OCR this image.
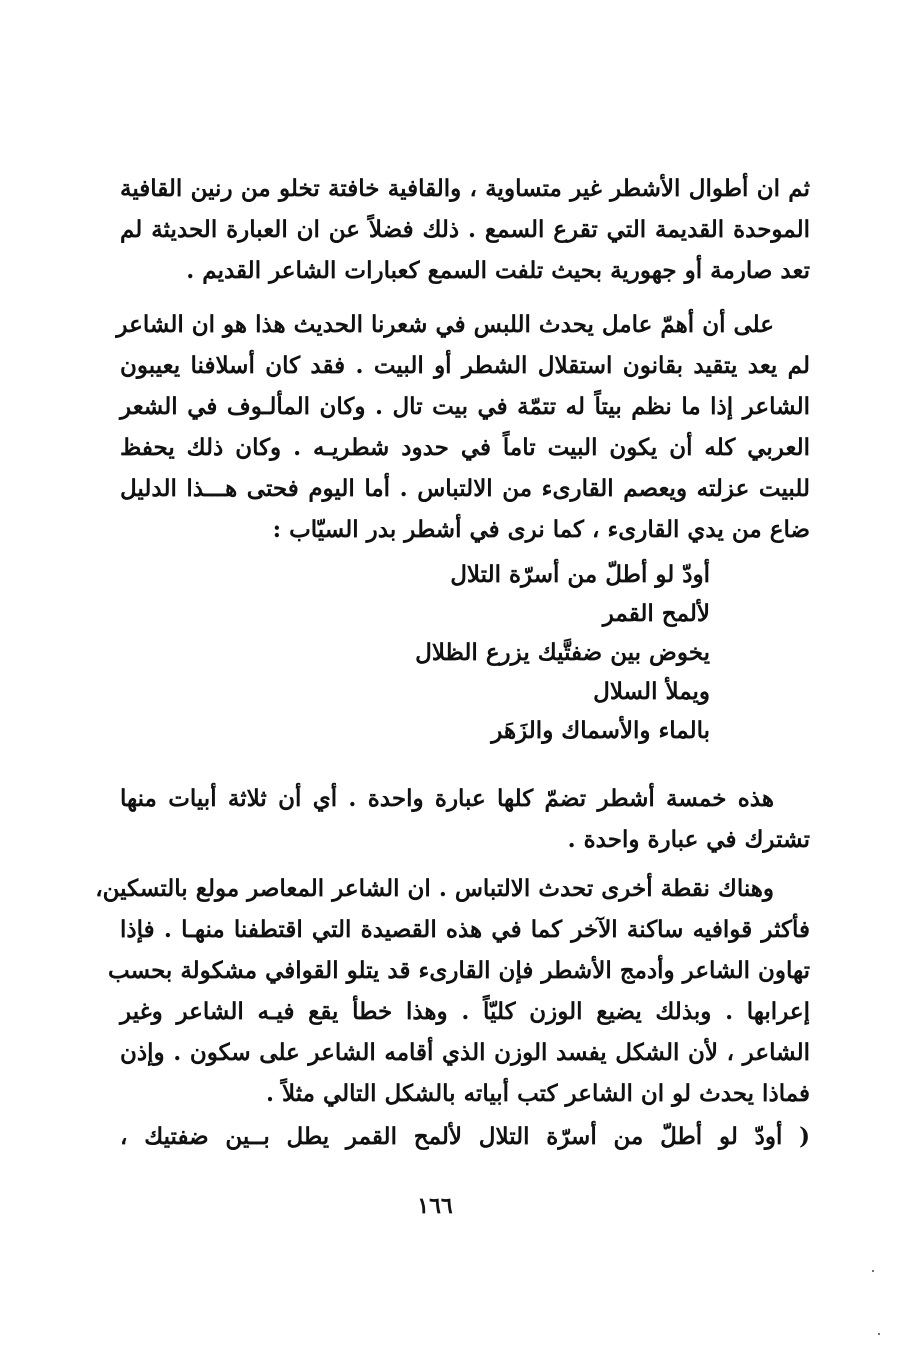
ثم ان أطوال الأشطر غير متساوية ، والقافية خافتة تخلو من رنين القافية
الموحدة القديمة التي تقرع السمع . ذلك فضلاً عن ان العبارة الحديثة لم
تعد صارمة أو جهورية بحيث تلفت السمع كعبارات الشاعر القديم .
على أن أهمّ عامل يحدث اللبس في شعرنا الحديث هذا هو ان الشاعر
لم يعد يتقيد بقانون استقلال الشطر أو البيت . فقد كان أسلافنا يعيبون
الشاعر إذا ما نظم بيتاً له تتمّة في بيت تال . وكان المألـوف في الشعر
العربي كله أن يكون البيت تاماً في حدود شطريـه . وكان ذلك يحفظ
للبيت عزلته ويعصم القارىء من الالتباس . أما اليوم فحتى هـــذا الدليل
ضاع من يدي القارىء ، كما نرى في أشطر بدر السيّاب :
أودّ لو أطلّ من أسرّة التلال
لألمح القمر
يخوض بين ضفتَّيك يزرع الظلال
ويملأ السلال
بالماء والأسماك والزَهَر
هذه خمسة أشطر تضمّ كلها عبارة واحدة . أي أن ثلاثة أبيات منها
تشترك في عبارة واحدة .
وهناك نقطة أخرى تحدث الالتباس . ان الشاعر المعاصر مولع بالتسكين،
فأكثر قوافيه ساكنة الآخر كما في هذه القصيدة التي اقتطفنا منهـا . فإذا
تهاون الشاعر وأدمج الأشطر فإن القارىء قد يتلو القوافي مشكولة بحسب
إعرابها . وبذلك يضيع الوزن كليّاً . وهذا خطأ يقع فيـه الشاعر وغير
الشاعر ، لأن الشكل يفسد الوزن الذي أقامه الشاعر على سكون . وإذن
فماذا يحدث لو ان الشاعر كتب أبياته بالشكل التالي مثلاً .
( أودّ لو أطلّ من أسرّة التلال لألمح القمر يطل بــين ضفتيك ،
١٦٦
